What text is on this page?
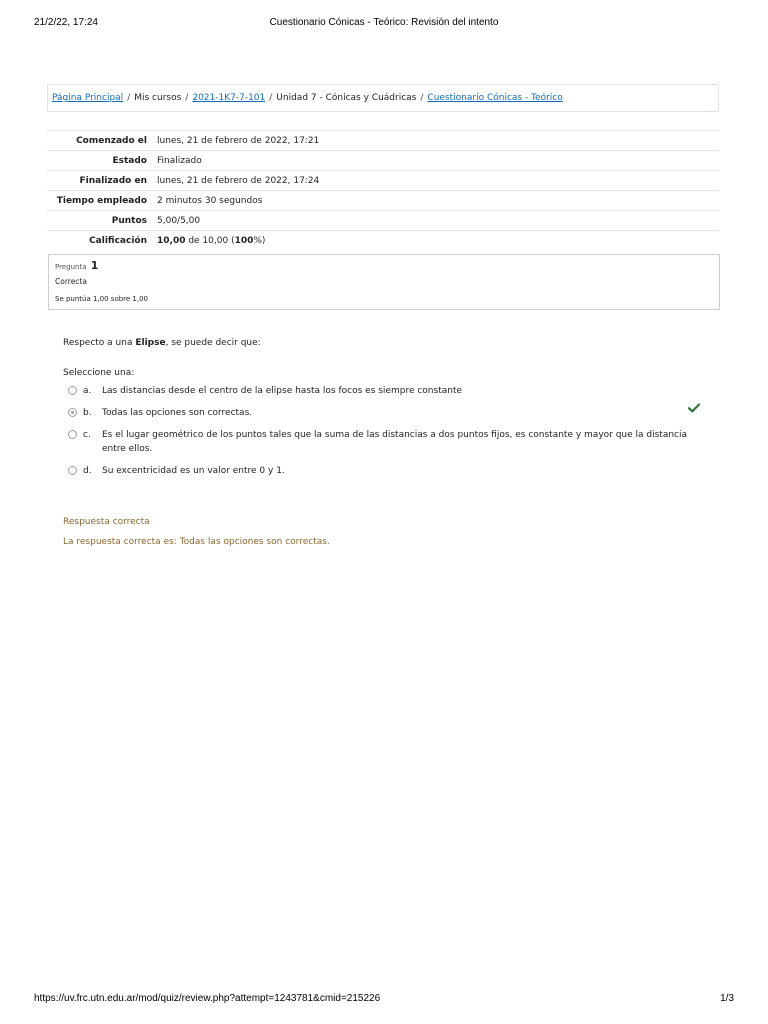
21/2/22, 17:24	Cuestionario Cónicas - Teórico: Revisión del intento
Página Principal / Mis cursos / 2021-1K7-7-101 / Unidad 7 - Cónicas y Cuádricas / Cuestionario Cónicas - Teórico
Comenzado el	lunes, 21 de febrero de 2022, 17:21
Estado	Finalizado
Finalizado en	lunes, 21 de febrero de 2022, 17:24
Tiempo empleado	2 minutos 30 segundos
Puntos	5,00/5,00
Calificación	10,00 de 10,00 (100%)
Pregunta 1
Correcta
Se puntúa 1,00 sobre 1,00
Respecto a una Elipse, se puede decir que:
Seleccione una:
a. Las distancias desde el centro de la elipse hasta los focos es siempre constante
b. Todas las opciones son correctas.
c. Es el lugar geométrico de los puntos tales que la suma de las distancias a dos puntos fijos, es constante y mayor que la distancia entre ellos.
d. Su excentricidad es un valor entre 0 y 1.
Respuesta correcta
La respuesta correcta es: Todas las opciones son correctas.
https://uv.frc.utn.edu.ar/mod/quiz/review.php?attempt=1243781&cmid=215226	1/3
